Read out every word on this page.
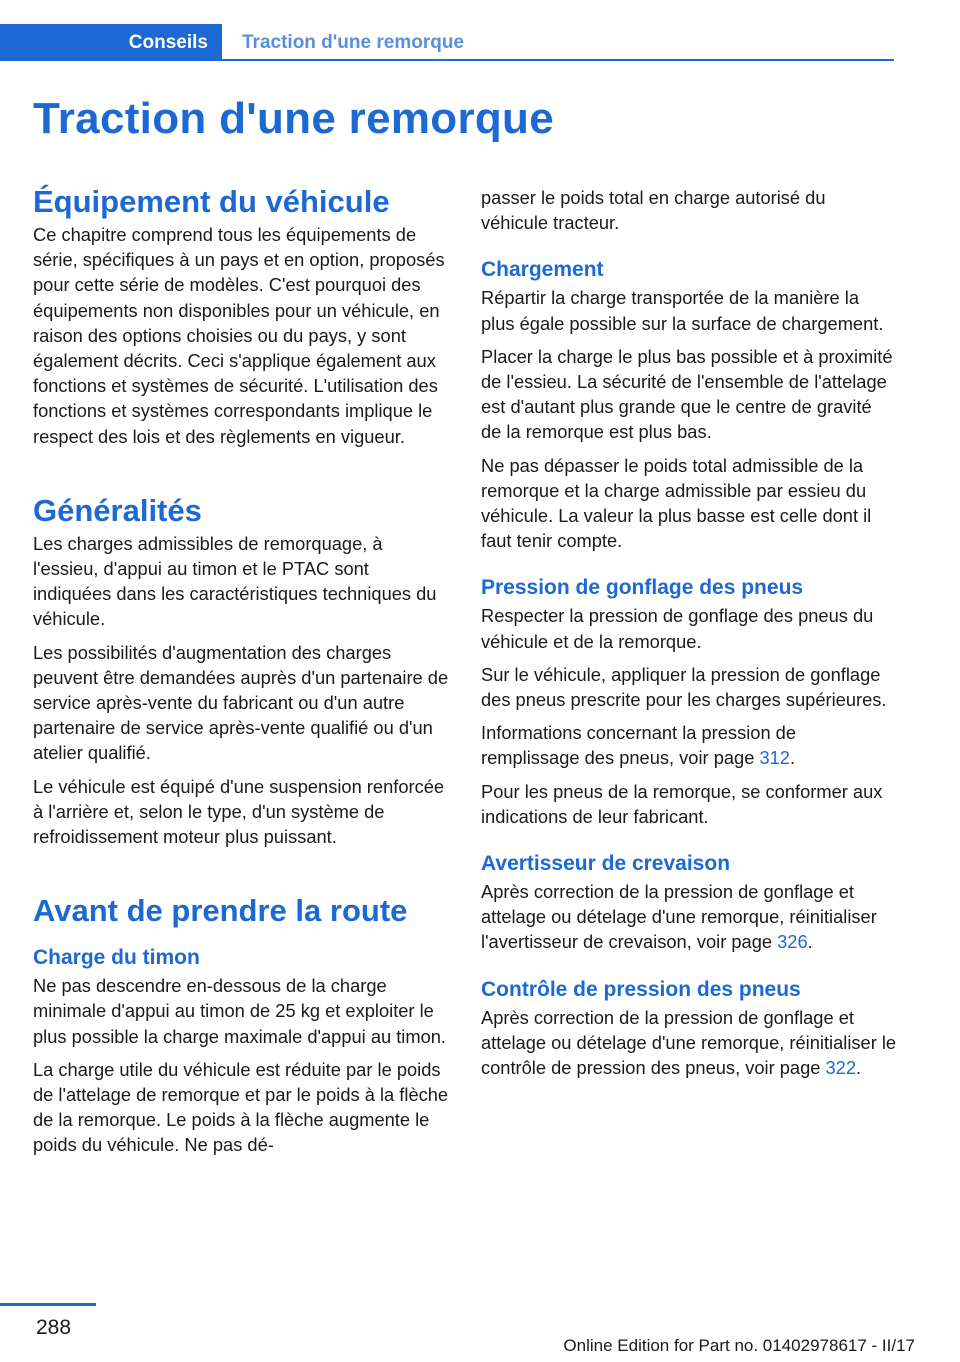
Conseils	Traction d'une remorque
Traction d'une remorque
Équipement du véhicule

Ce chapitre comprend tous les équipements de série, spécifiques à un pays et en option, proposés pour cette série de modèles. C'est pourquoi des équipements non disponibles pour un véhicule, en raison des options choisies ou du pays, y sont également décrits. Ceci s'applique également aux fonctions et systèmes de sécurité. L'utilisation des fonctions et systèmes correspondants implique le respect des lois et des règlements en vigueur.

Généralités

Les charges admissibles de remorquage, à l'essieu, d'appui au timon et le PTAC sont indiquées dans les caractéristiques techniques du véhicule.

Les possibilités d'augmentation des charges peuvent être demandées auprès d'un partenaire de service après-vente du fabricant ou d'un autre partenaire de service après-vente qualifié ou d'un atelier qualifié.

Le véhicule est équipé d'une suspension renforcée à l'arrière et, selon le type, d'un système de refroidissement moteur plus puissant.

Avant de prendre la route
Charge du timon

Ne pas descendre en-dessous de la charge minimale d'appui au timon de 25 kg et exploiter le plus possible la charge maximale d'appui au timon.

La charge utile du véhicule est réduite par le poids de l'attelage de remorque et par le poids à la flèche de la remorque. Le poids à la flèche augmente le poids du véhicule. Ne pas dé-

passer le poids total en charge autorisé du véhicule tracteur.

Chargement

Répartir la charge transportée de la manière la plus égale possible sur la surface de chargement.

Placer la charge le plus bas possible et à proximité de l'essieu. La sécurité de l'ensemble de l'attelage est d'autant plus grande que le centre de gravité de la remorque est plus bas.

Ne pas dépasser le poids total admissible de la remorque et la charge admissible par essieu du véhicule. La valeur la plus basse est celle dont il faut tenir compte.

Pression de gonflage des pneus

Respecter la pression de gonflage des pneus du véhicule et de la remorque.

Sur le véhicule, appliquer la pression de gonflage des pneus prescrite pour les charges supérieures.

Informations concernant la pression de remplissage des pneus, voir page 312.

Pour les pneus de la remorque, se conformer aux indications de leur fabricant.

Avertisseur de crevaison

Après correction de la pression de gonflage et attelage ou dételage d'une remorque, réinitialiser l'avertisseur de crevaison, voir page 326.

Contrôle de pression des pneus

Après correction de la pression de gonflage et attelage ou dételage d'une remorque, réinitialiser le contrôle de pression des pneus, voir page 322.

288
Online Edition for Part no. 01402978617 - II/17
